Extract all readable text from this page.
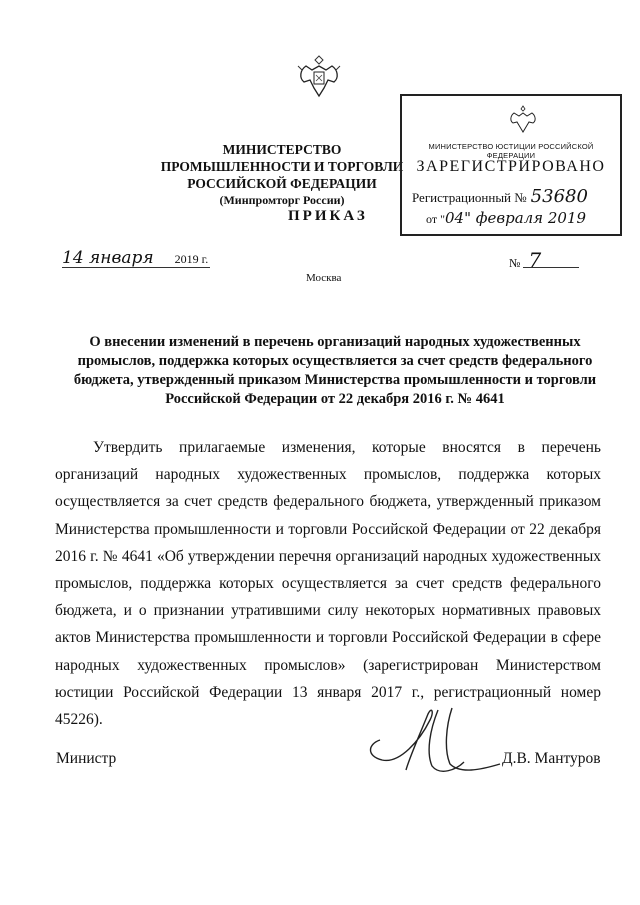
МИНИСТЕРСТВО ПРОМЫШЛЕННОСТИ И ТОРГОВЛИ
РОССИЙСКОЙ ФЕДЕРАЦИИ
(Минпромторг России)
МИНИСТЕРСТВО ЮСТИЦИИ РОССИЙСКОЙ ФЕДЕРАЦИИ
ЗАРЕГИСТРИРОВАНО
Регистрационный № 53680
от "04" февраля 2019
ПРИКАЗ
14 января 2019 г.	№ 7
Москва
О внесении изменений в перечень организаций народных художественных промыслов, поддержка которых осуществляется за счет средств федерального бюджета, утвержденный приказом Министерства промышленности и торговли Российской Федерации от 22 декабря 2016 г. № 4641
Утвердить прилагаемые изменения, которые вносятся в перечень организаций народных художественных промыслов, поддержка которых осуществляется за счет средств федерального бюджета, утвержденный приказом Министерства промышленности и торговли Российской Федерации от 22 декабря 2016 г. № 4641 «Об утверждении перечня организаций народных художественных промыслов, поддержка которых осуществляется за счет средств федерального бюджета, и о признании утратившими силу некоторых нормативных правовых актов Министерства промышленности и торговли Российской Федерации в сфере народных художественных промыслов» (зарегистрирован Министерством юстиции Российской Федерации 13 января 2017 г., регистрационный номер 45226).
Министр	Д.В. Мантуров
